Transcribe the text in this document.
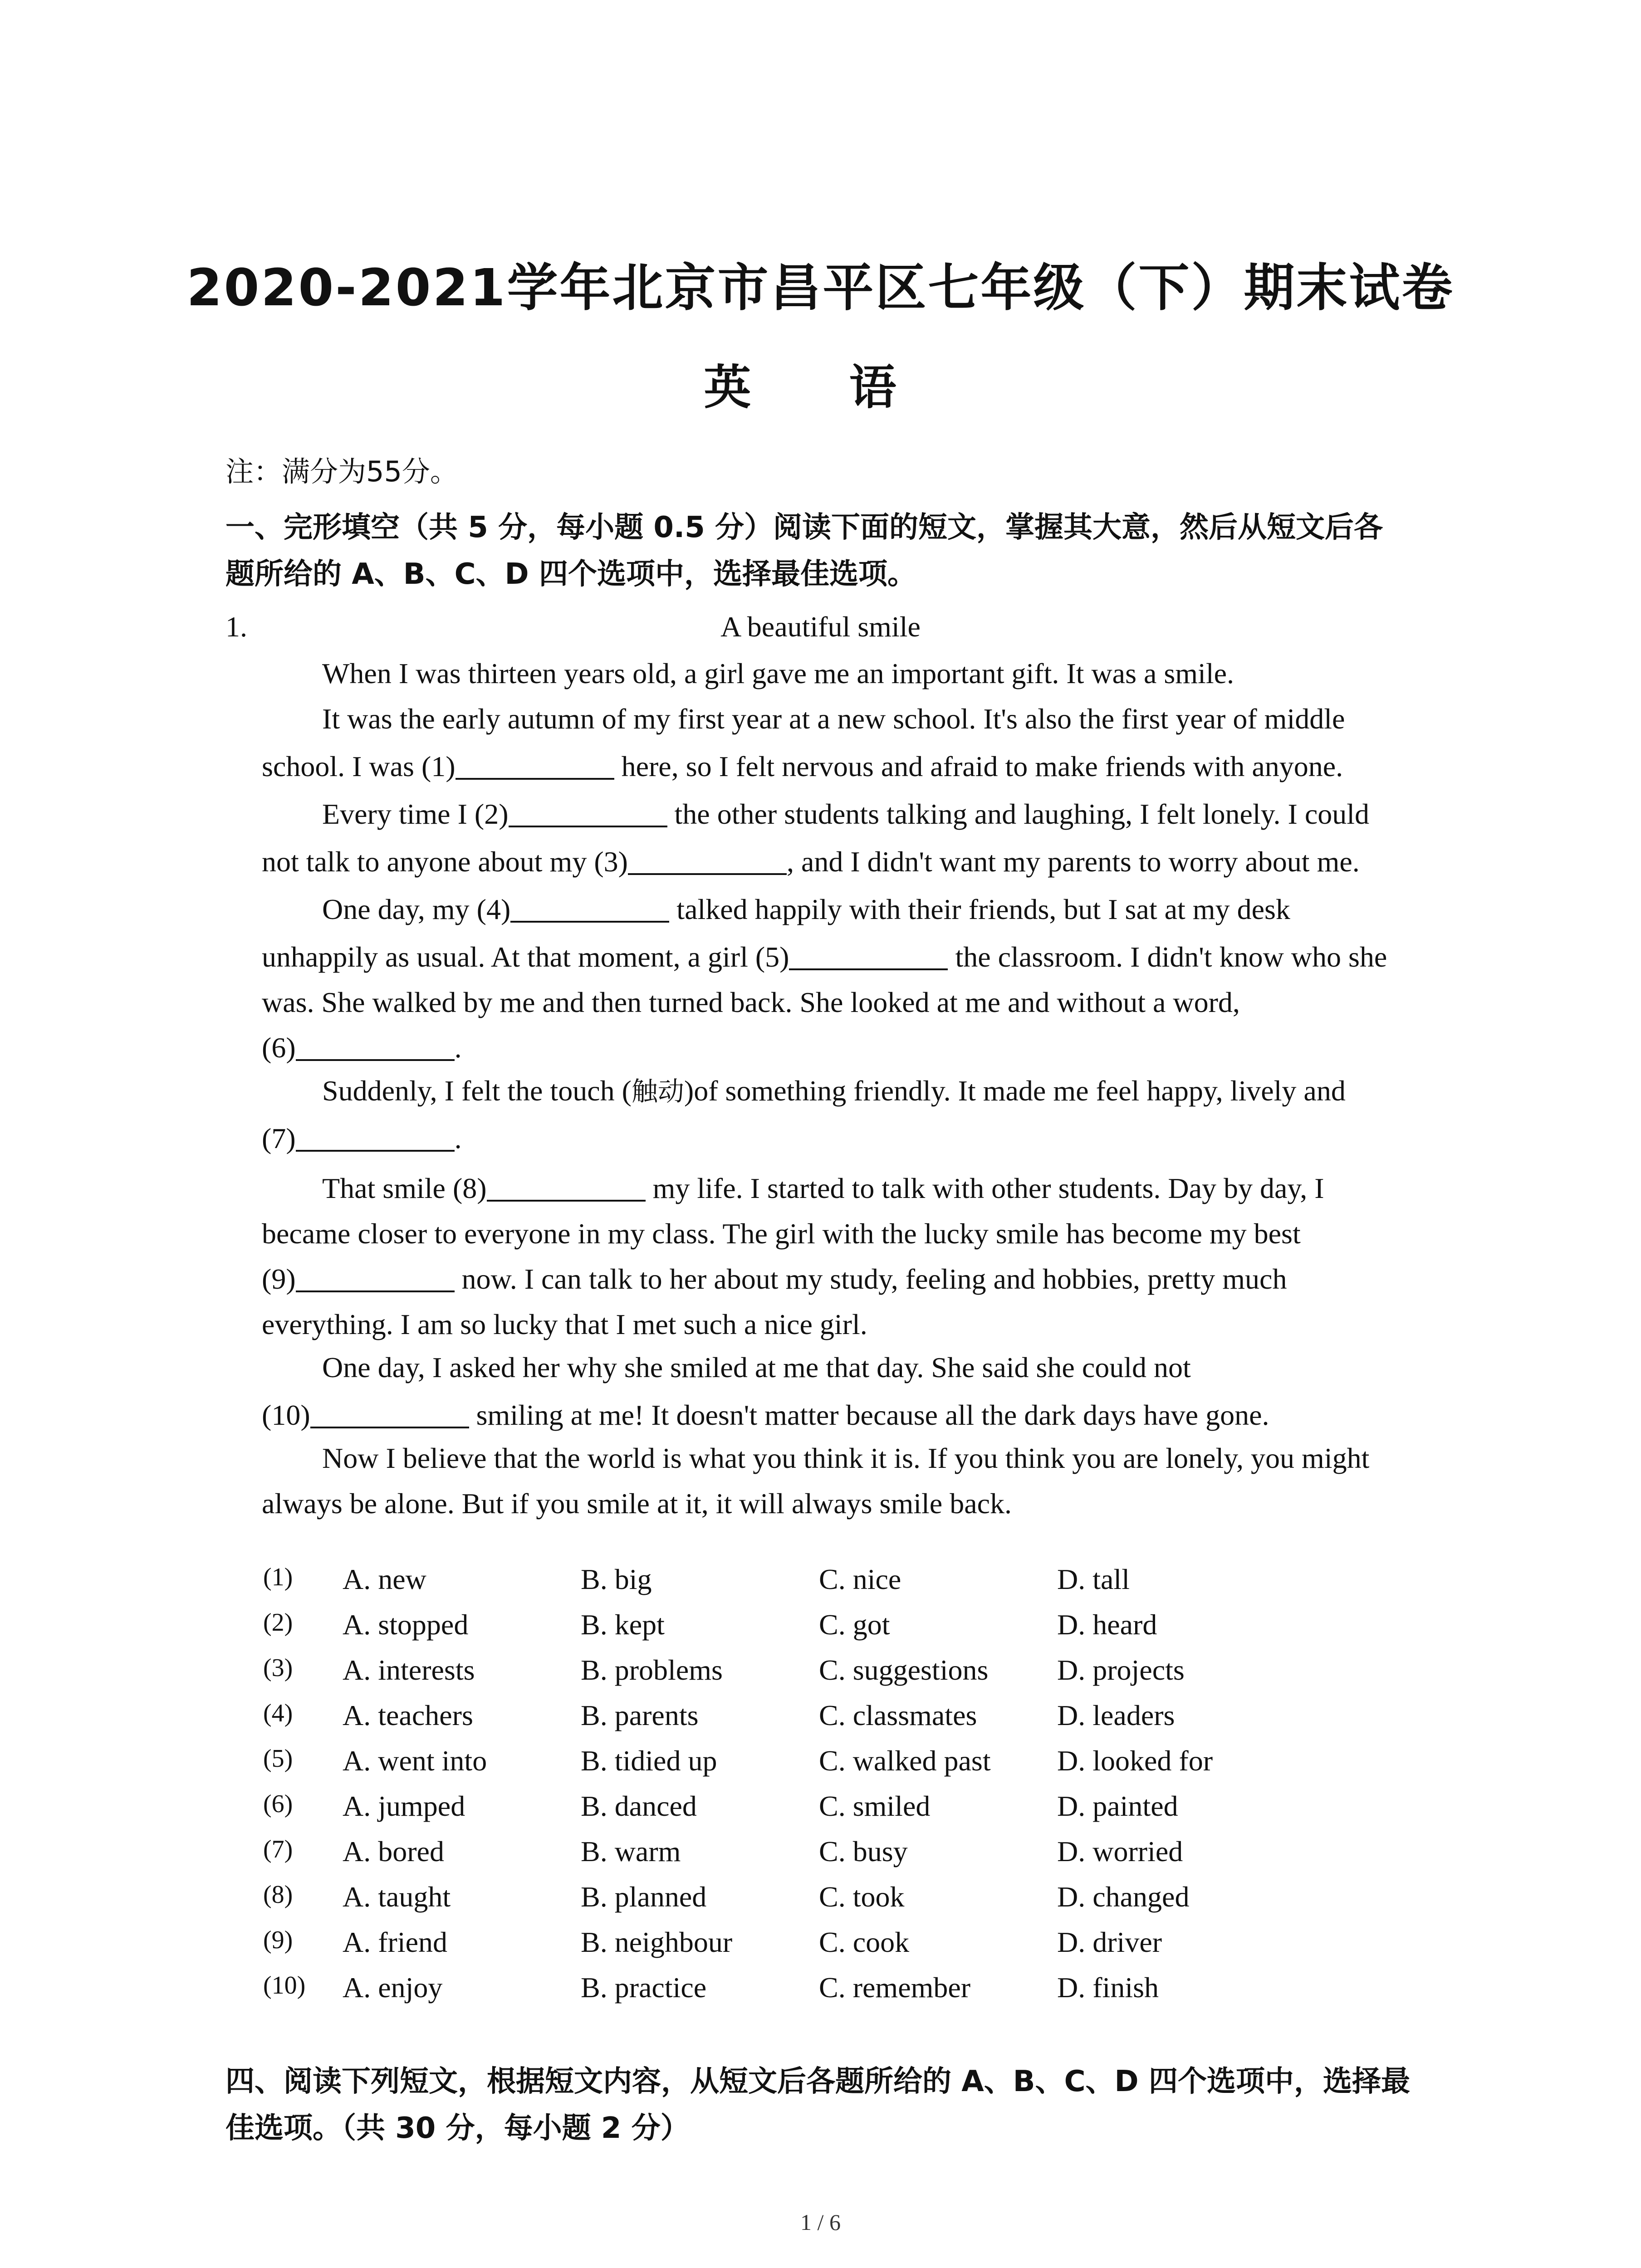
2020-2021学年北京市昌平区七年级（下）期末试卷
英 语
注：满分为55分。
一、完形填空（共 5 分，每小题 0.5 分）阅读下面的短文，掌握其大意，然后从短文后各
题所给的 A、B、C、D 四个选项中，选择最佳选项。
1.	A beautiful smile
When I was thirteen years old, a girl gave me an important gift. It was a smile.
It was the early autumn of my first year at a new school. It's also the first year of middle
school. I was (1)	here, so I felt nervous and afraid to make friends with anyone.
Every time I (2)	the other students talking and laughing, I felt lonely. I could
not talk to anyone about my (3)	, and I didn't want my parents to worry about me.
One day, my (4)	talked happily with their friends, but I sat at my desk
unhappily as usual. At that moment, a girl (5)	the classroom. I didn't know who she
was. She walked by me and then turned back. She looked at me and without a word,
(6)	.
Suddenly, I felt the touch (触动)of something friendly. It made me feel happy, lively and
(7)	.
That smile (8)	my life. I started to talk with other students. Day by day, I
became closer to everyone in my class. The girl with the lucky smile has become my best
(9)	now. I can talk to her about my study, feeling and hobbies, pretty much
everything. I am so lucky that I met such a nice girl.
One day, I asked her why she smiled at me that day. She said she could not
(10)	smiling at me! It doesn't matter because all the dark days have gone.
Now I believe that the world is what you think it is. If you think you are lonely, you might
always be alone. But if you smile at it, it will always smile back.
(1) A. new	B. big	C. nice	D. tall
(2) A. stopped	B. kept	C. got	D. heard
(3) A. interests	B. problems	C. suggestions D. projects
(4) A. teachers	B. parents	C. classmates	D. leaders
(5) A. went into	B. tidied up	C. walked past D. looked for
(6) A. jumped	B. danced	C. smiled	D. painted
(7) A. bored	B. warm	C. busy	D. worried
(8) A. taught	B. planned	C. took	D. changed
(9) A. friend	B. neighbour	C. cook	D. driver
(10) A. enjoy	B. practice	C. remember	D. finish
四、阅读下列短文，根据短文内容，从短文后各题所给的 A、B、C、D 四个选项中，选择最
佳选项。（共 30 分，每小题 2 分）
1 / 6
